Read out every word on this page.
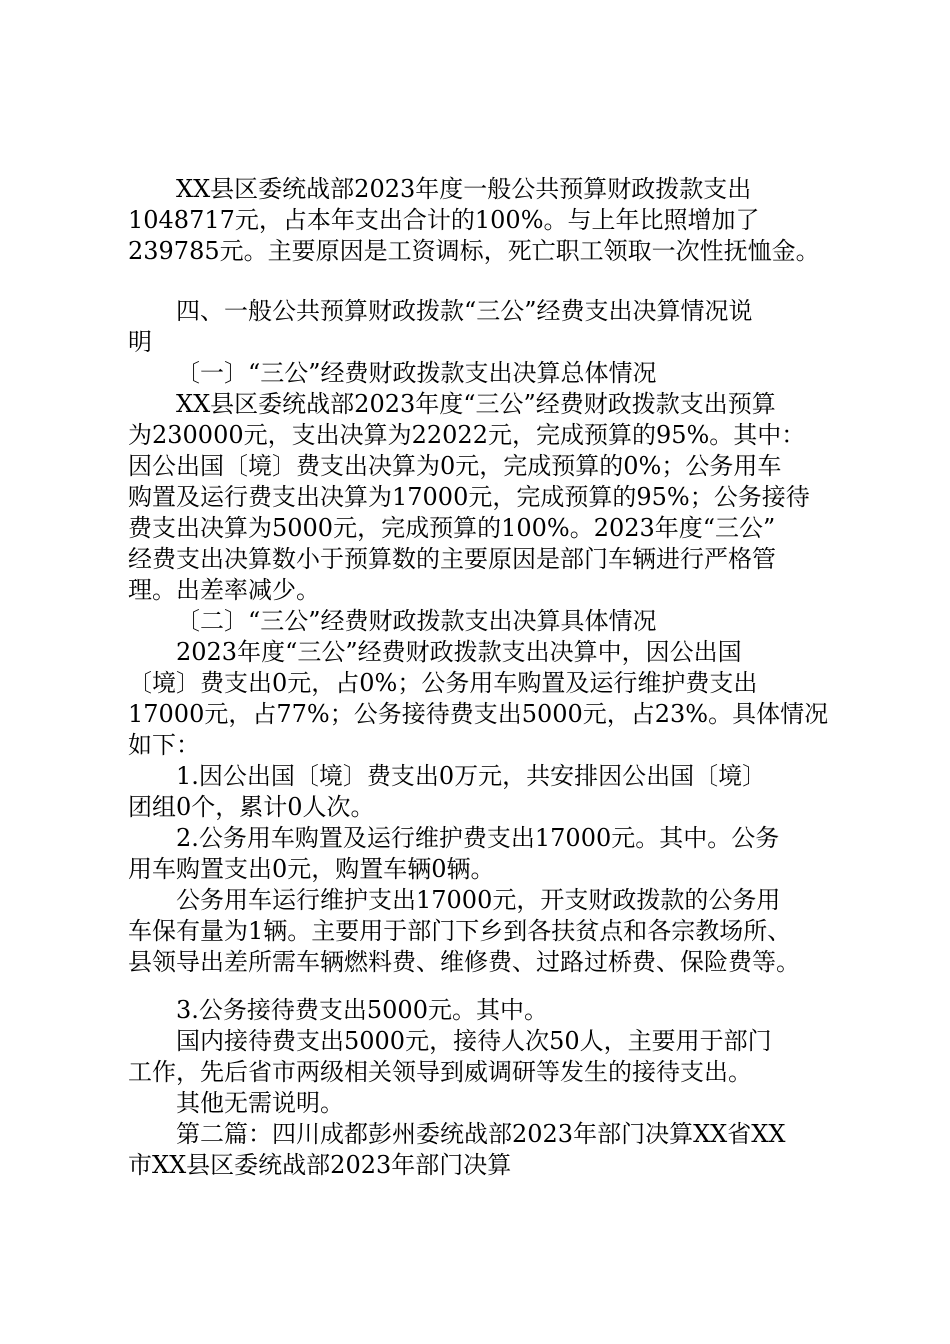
XX县区委统战部2023年度一般公共预算财政拨款支出
1048717元，占本年支出合计的100%。与上年比照增加了
239785元。主要原因是工资调标，死亡职工领取一次性抚恤金。
四、一般公共预算财政拨款“三公”经费支出决算情况说
明
〔一〕“三公”经费财政拨款支出决算总体情况
XX县区委统战部2023年度“三公”经费财政拨款支出预算
为230000元，支出决算为22022元，完成预算的95%。其中：
因公出国〔境〕费支出决算为0元，完成预算的0%；公务用车
购置及运行费支出决算为17000元，完成预算的95%；公务接待
费支出决算为5000元，完成预算的100%。2023年度“三公”
经费支出决算数小于预算数的主要原因是部门车辆进行严格管
理。出差率减少。
〔二〕“三公”经费财政拨款支出决算具体情况
2023年度“三公”经费财政拨款支出决算中，因公出国
〔境〕费支出0元，占0%；公务用车购置及运行维护费支出
17000元，占77%；公务接待费支出5000元，占23%。具体情况
如下：
1.因公出国〔境〕费支出0万元，共安排因公出国〔境〕
团组0个，累计0人次。
2.公务用车购置及运行维护费支出17000元。其中。公务
用车购置支出0元，购置车辆0辆。
公务用车运行维护支出17000元，开支财政拨款的公务用
车保有量为1辆。主要用于部门下乡到各扶贫点和各宗教场所、
县领导出差所需车辆燃料费、维修费、过路过桥费、保险费等。
3.公务接待费支出5000元。其中。
国内接待费支出5000元，接待人次50人，主要用于部门
工作，先后省市两级相关领导到威调研等发生的接待支出。
其他无需说明。
第二篇：四川成都彭州委统战部2023年部门决算XX省XX
市XX县区委统战部2023年部门决算
